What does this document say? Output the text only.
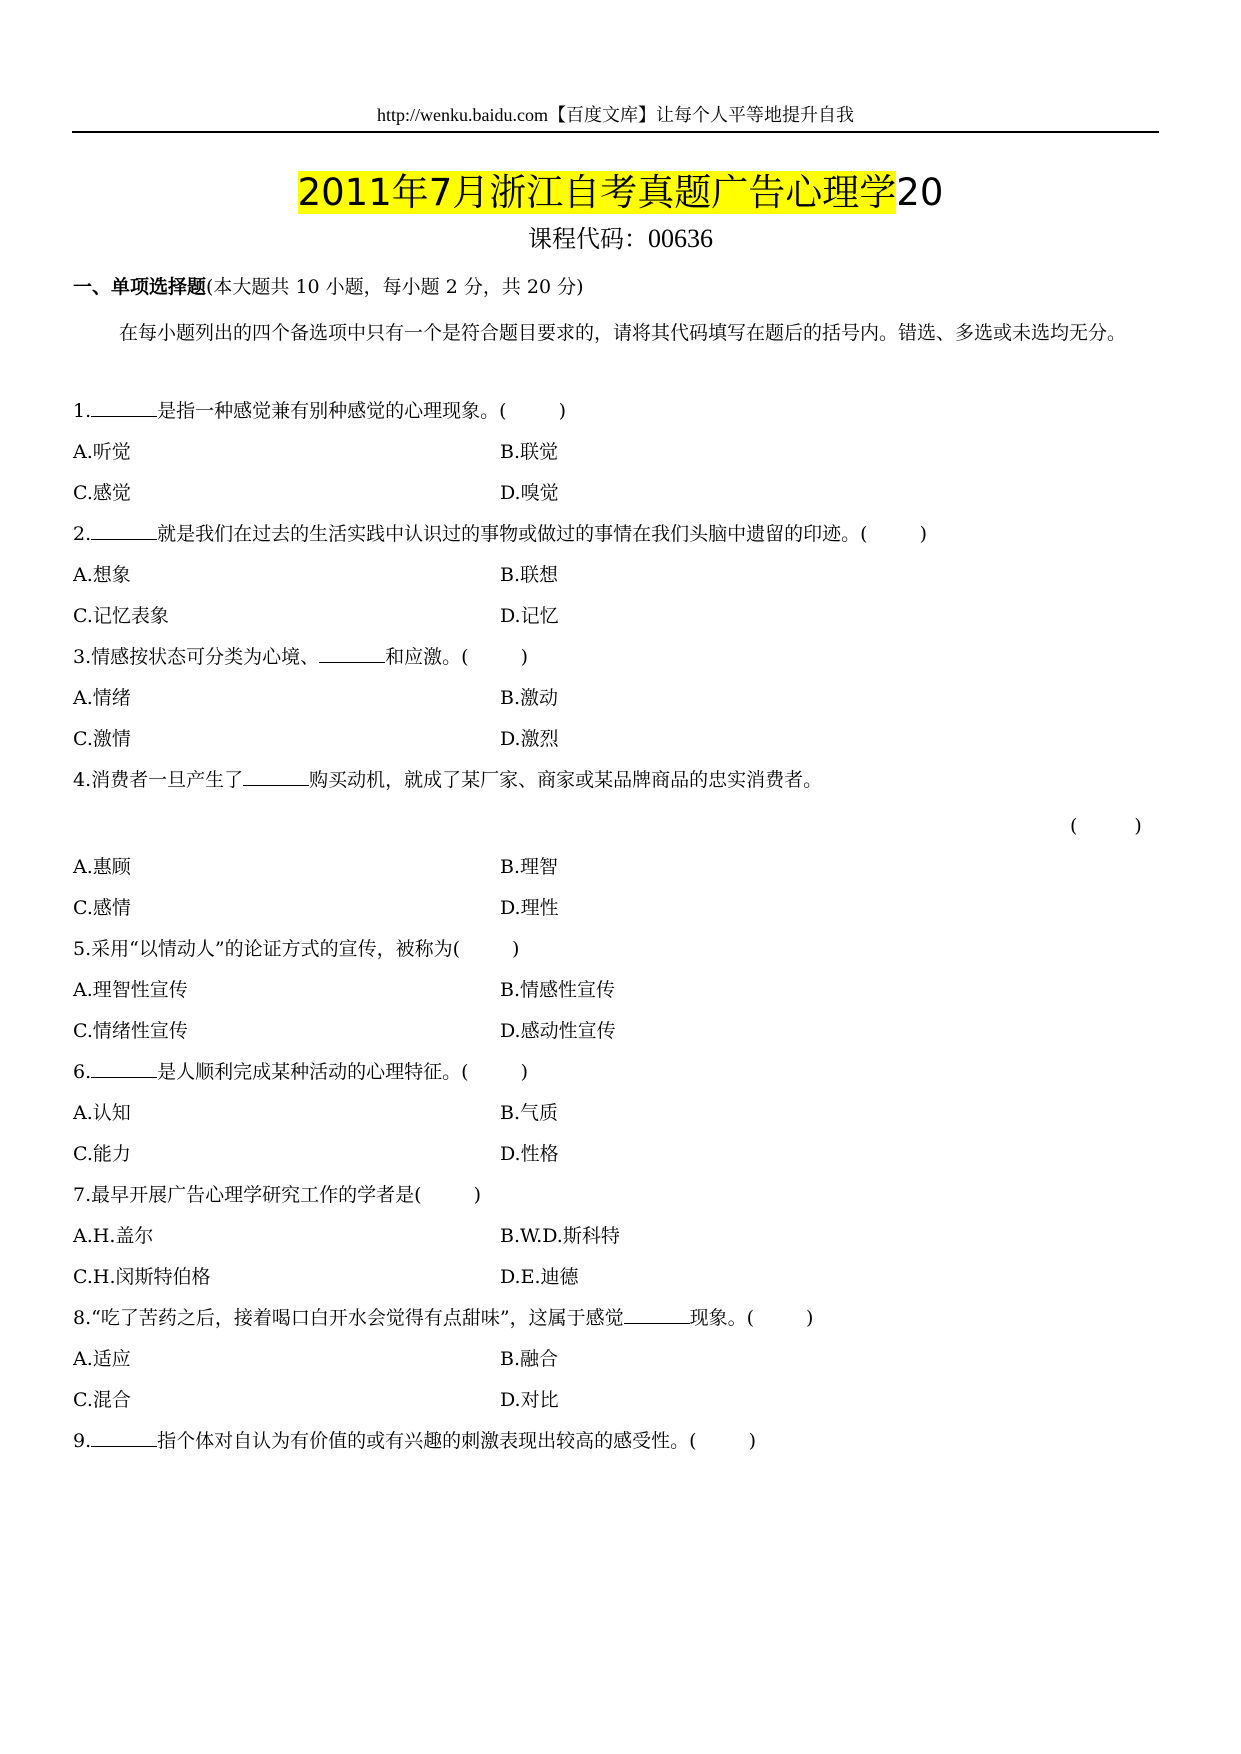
http://wenku.baidu.com【百度文库】让每个人平等地提升自我
2011年7月浙江自考真题广告心理学20
课程代码：00636
一、单项选择题(本大题共 10 小题，每小题 2 分，共 20 分)
在每小题列出的四个备选项中只有一个是符合题目要求的，请将其代码填写在题后的括号内。错选、多选或未选均无分。
1.	是指一种感觉兼有别种感觉的心理现象。(	)
A.听觉	B.联觉
C.感觉	D.嗅觉
2.	就是我们在过去的生活实践中认识过的事物或做过的事情在我们头脑中遗留的印迹。(	)
A.想象	B.联想
C.记忆表象	D.记忆
3.情感按状态可分类为心境、	和应激。(	)
A.情绪	B.激动
C.激情	D.激烈
4.消费者一旦产生了	购买动机，就成了某厂家、商家或某品牌商品的忠实消费者。
(　　　)
A.惠顾	B.理智
C.感情	D.理性
5.采用“以情动人”的论证方式的宣传，被称为(	)
A.理智性宣传	B.情感性宣传
C.情绪性宣传	D.感动性宣传
6.	是人顺利完成某种活动的心理特征。(	)
A.认知	B.气质
C.能力	D.性格
7.最早开展广告心理学研究工作的学者是(	)
A.H.盖尔	B.W.D.斯科特
C.H.闵斯特伯格	D.E.迪德
8.“吃了苦药之后，接着喝口白开水会觉得有点甜味”，这属于感觉	现象。(	)
A.适应	B.融合
C.混合	D.对比
9.	指个体对自认为有价值的或有兴趣的刺激表现出较高的感受性。(	)
